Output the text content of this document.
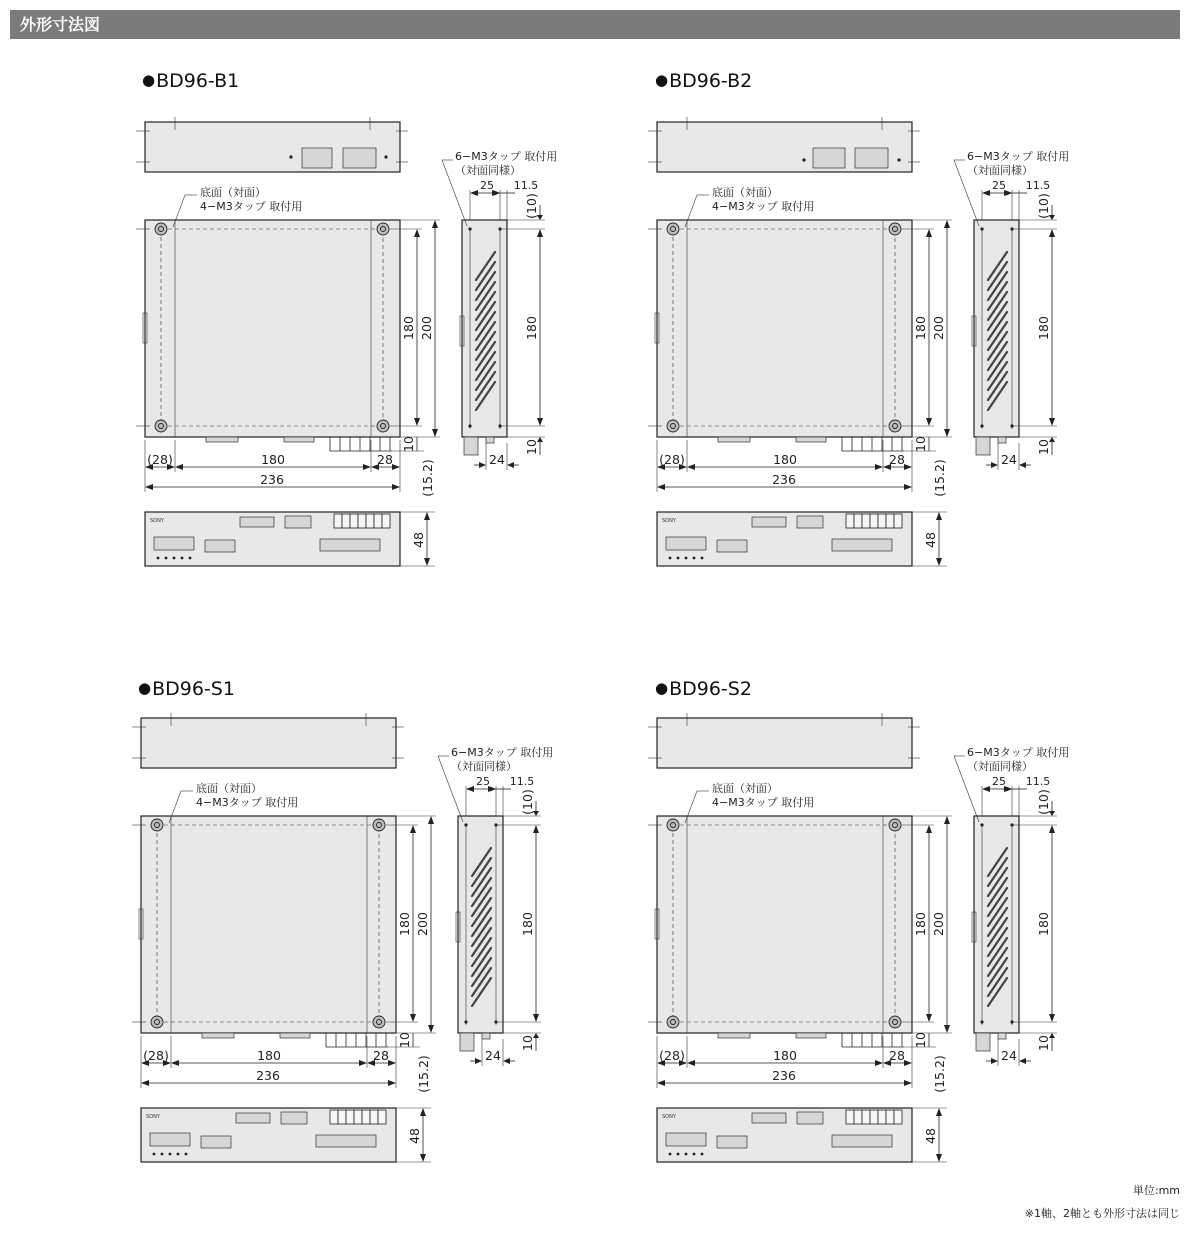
外形寸法図
●BD96-B1	●BD96-B2
●BD96-S1	●BD96-S2
底面（対面）
4−M3タップ 取付用
6−M3タップ 取付用
（対面同様）
25 11.5
(28)	180	28
236
180 200
10
(15.2)
180
(10)
10
24
48
SONY
底面（対面）
4−M3タップ 取付用
6−M3タップ 取付用
（対面同様）
25 11.5
(28)	180	28
236
180 200
10
(15.2)
180
(10)
10
24
48
SONY
底面（対面）
4−M3タップ 取付用
6−M3タップ 取付用
（対面同様）
25 11.5
(28)	180	28
236
180 200
10
(15.2)
180
(10)
10
24
48
SONY
底面（対面）
4−M3タップ 取付用
6−M3タップ 取付用
（対面同様）
25 11.5
(28)	180	28
236
180 200
10
(15.2)
180
(10)
10
24
48
SONY
単位:mm
※1軸、2軸とも外形寸法は同じ
